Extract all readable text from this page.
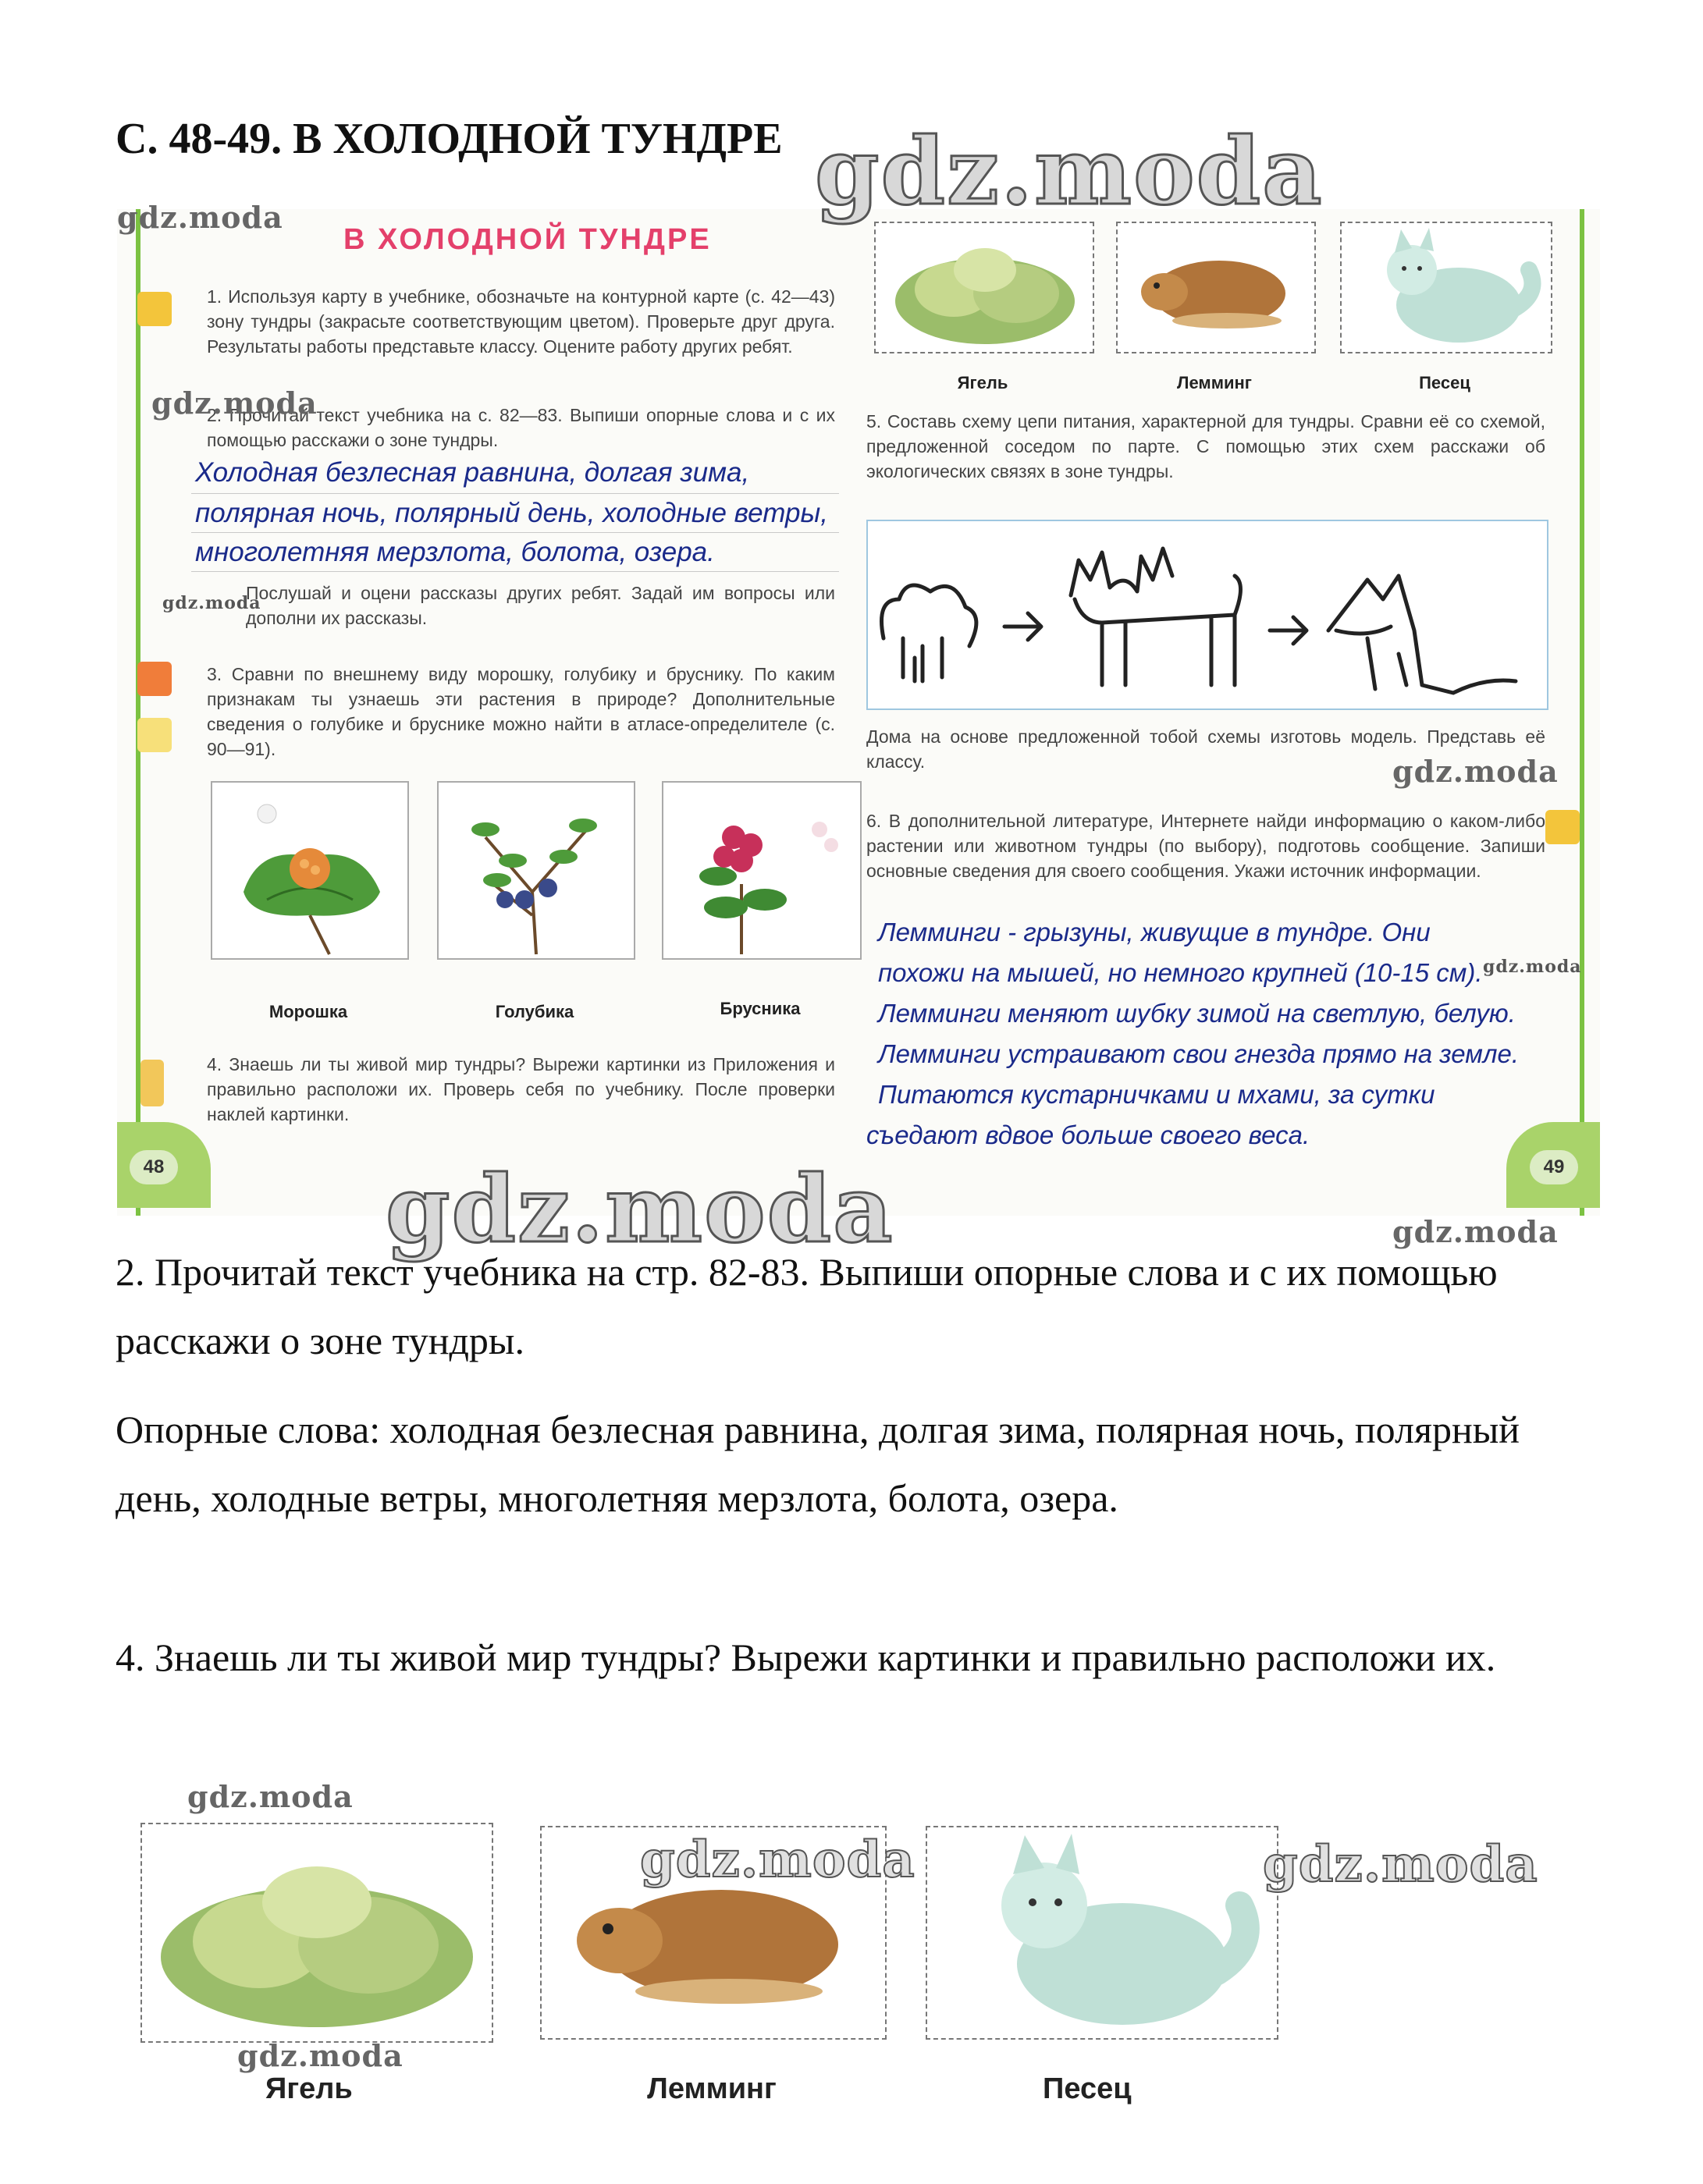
С. 48-49. В ХОЛОДНОЙ ТУНДРЕ
48	49
В ХОЛОДНОЙ ТУНДРЕ
1. Используя карту в учебнике, обозначьте на контурной карте (с. 42—43) зону тундры (закрасьте соответствующим цветом). Проверьте друг друга. Результаты работы представьте классу. Оцените работу других ребят.
2. Прочитай текст учебника на с. 82—83. Выпиши опорные слова и с их помощью расскажи о зоне тундры.
Холодная безлесная равнина, долгая зима,
полярная ночь, полярный день, холодные ветры,
многолетняя мерзлота, болота, озера.
Послушай и оцени рассказы других ребят. Задай им вопросы или дополни их рассказы.
3. Сравни по внешнему виду морошку, голубику и бруснику. По каким признакам ты узнаешь эти растения в природе? Дополнительные сведения о голубике и бруснике можно найти в атласе-определителе (с. 90—91).
Морошка	Голубика	Брусника
4. Знаешь ли ты живой мир тундры? Вырежи картинки из Приложения и правильно расположи их. Проверь себя по учебнику. После проверки наклей картинки.
Ягель	Лемминг	Песец
5. Составь схему цепи питания, характерной для тундры. Сравни её со схемой, предложенной соседом по парте. С помощью этих схем расскажи об экологических связях в зоне тундры.
Дома на основе предложенной тобой схемы изготовь модель. Представь её классу.
6. В дополнительной литературе, Интернете найди информацию о каком-либо растении или животном тундры (по выбору), подготовь сообщение. Запиши основные сведения для своего сообщения. Укажи источник информации.
Лемминги - грызуны, живущие в тундре. Они
похожи на мышей, но немного крупней (10-15 см).
Лемминги меняют шубку зимой на светлую, белую.
Лемминги устраивают свои гнезда прямо на земле.
Питаются кустарничками и мхами, за сутки
съедают вдвое больше своего веса.
2. Прочитай текст учебника на стр. 82-83. Выпиши опорные слова и с их помощью расскажи о зоне тундры.
Опорные слова: холодная безлесная равнина, долгая зима, полярная ночь, полярный день, холодные ветры, многолетняя мерзлота, болота, озера.
4. Знаешь ли ты живой мир тундры? Вырежи картинки и правильно расположи их.
Ягель	Лемминг	Песец
gdz.moda
gdz.moda
gdz.moda	gdz.moda
gdz.moda
gdz.moda
gdz.moda
gdz.moda
gdz.moda
gdz.moda
gdz.moda
gdz.moda
